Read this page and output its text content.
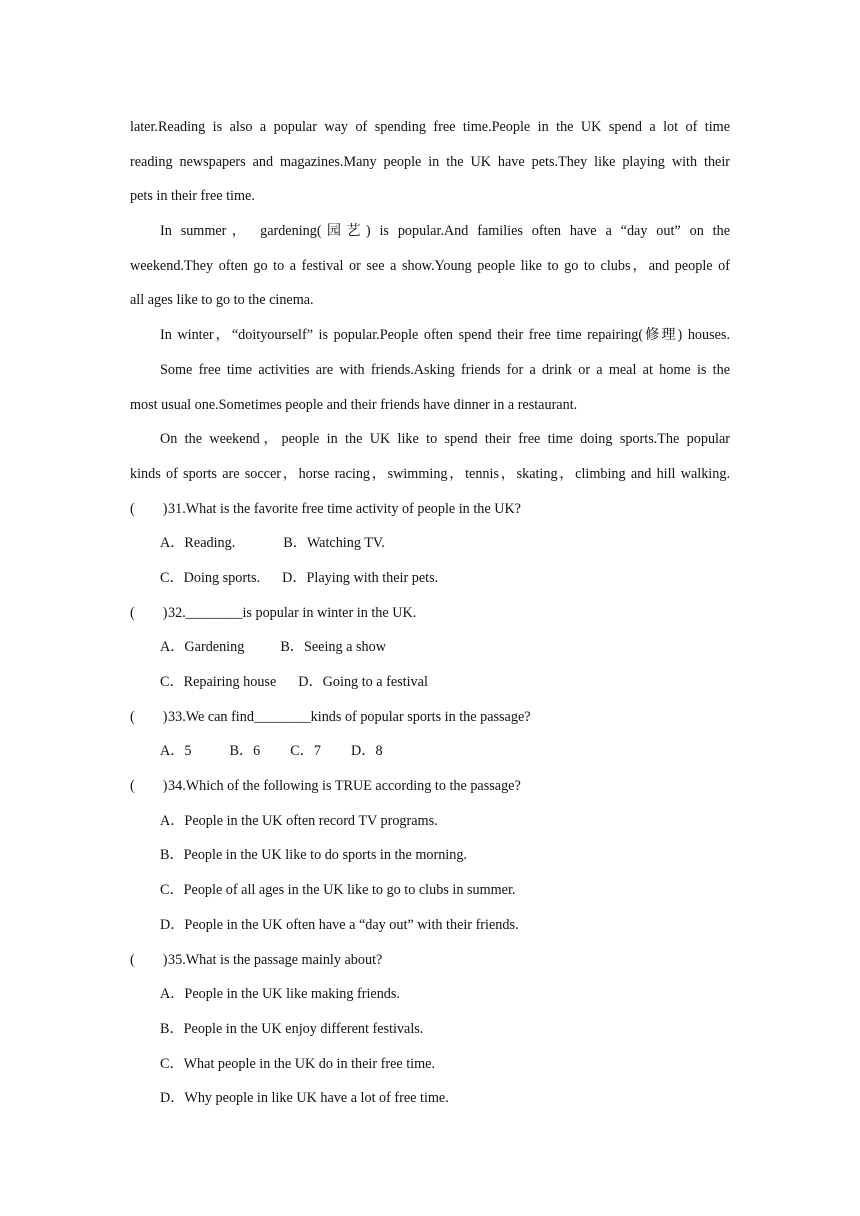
later.Reading is also a popular way of spending free time.People in the UK spend a lot of time
reading newspapers and magazines.Many people in the UK have pets.They like playing with their
pets in their free time.
In summer， gardening(园艺) is popular.And families often have a “day out” on the
weekend.They often go to a festival or see a show.Young people like to go to clubs，and people of
all ages like to go to the cinema.
In winter，“doityourself” is popular.People often spend their free time repairing(修理) houses.
Some free time activities are with friends.Asking friends for a drink or a meal at home is the
most usual one.Sometimes people and their friends have dinner in a restaurant.
On the weekend，people in the UK like to spend their free time doing sports.The popular
kinds of sports are soccer，horse racing，swimming，tennis，skating，climbing and hill walking.
( )31.What is the favorite free time activity of people in the UK?
A．Reading.	B．Watching TV.
C．Doing sports. D．Playing with their pets.
( )32.________is popular in winter in the UK.
A．Gardening	B．Seeing a show
C．Repairing house D．Going to a festival
( )33.We can find________kinds of popular sports in the passage?
A．5	B．6 C．7 D．8
( )34.Which of the following is TRUE according to the passage?
A．People in the UK often record TV programs.
B．People in the UK like to do sports in the morning.
C．People of all ages in the UK like to go to clubs in summer.
D．People in the UK often have a “day out” with their friends.
( )35.What is the passage mainly about?
A．People in the UK like making friends.
B．People in the UK enjoy different festivals.
C．What people in the UK do in their free time.
D．Why people in like UK have a lot of free time.
